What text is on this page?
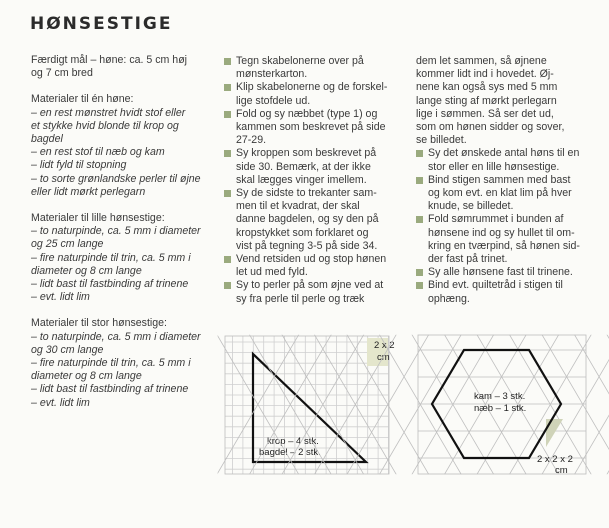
HØNSESTIGE

Færdigt mål – høne: ca. 5 cm høj

og 7 cm bred

Materialer til én høne:

– en rest mønstret hvidt stof eller

et stykke hvid blonde til krop og

bagdel

– en rest stof til næb og kam

– lidt fyld til stopning

– to sorte grønlandske perler til øjne

eller lidt mørkt perlegarn

Materialer til lille hønsestige:

– to naturpinde, ca. 5 mm i diameter

og 25 cm lange

– fire naturpinde til trin, ca. 5 mm i

diameter og 8 cm lange

– lidt bast til fastbinding af trinene

– evt. lidt lim

Materialer til stor hønsestige:

– to naturpinde, ca. 5 mm i diameter

og 30 cm lange

– fire naturpinde til trin, ca. 5 mm i

diameter og 8 cm lange

– lidt bast til fastbinding af trinene

– evt. lidt lim

Tegn skabelonerne over på
mønsterkarton.
Klip skabelonerne og de forskel-
lige stofdele ud.
Fold og sy næbbet (type 1) og
kammen som beskrevet på side
27-29.
Sy kroppen som beskrevet på
side 30. Bemærk, at der ikke
skal lægges vinger imellem.
Sy de sidste to trekanter sam-
men til et kvadrat, der skal
danne bagdelen, og sy den på
kropstykket som forklaret og
vist på tegning 3-5 på side 34.
Vend retsiden ud og stop hønen
let ud med fyld.
Sy to perler på som øjne ved at
sy fra perle til perle og træk

dem let sammen, så øjnene

kommer lidt ind i hovedet. Øj-

nene kan også sys med 5 mm

lange sting af mørkt perlegarn

lige i sømmen. Så ser det ud,

som om hønen sidder og sover,

se billedet.

Sy det ønskede antal høns til en
stor eller en lille hønsestige.
Bind stigen sammen med bast
og kom evt. en klat lim på hver
knude, se billedet.
Fold sømrummet i bunden af
hønsene ind og sy hullet til om-
kring en tværpind, så hønen sid-
der fast på trinet.
Sy alle hønsene fast til trinene.
Bind evt. quiltetråd i stigen til
ophæng.
2 x 2
cm
krop – 4 stk.
bagdel – 2 stk.
kam – 3 stk.
næb – 1 stk.
2 x 2 x 2
cm
